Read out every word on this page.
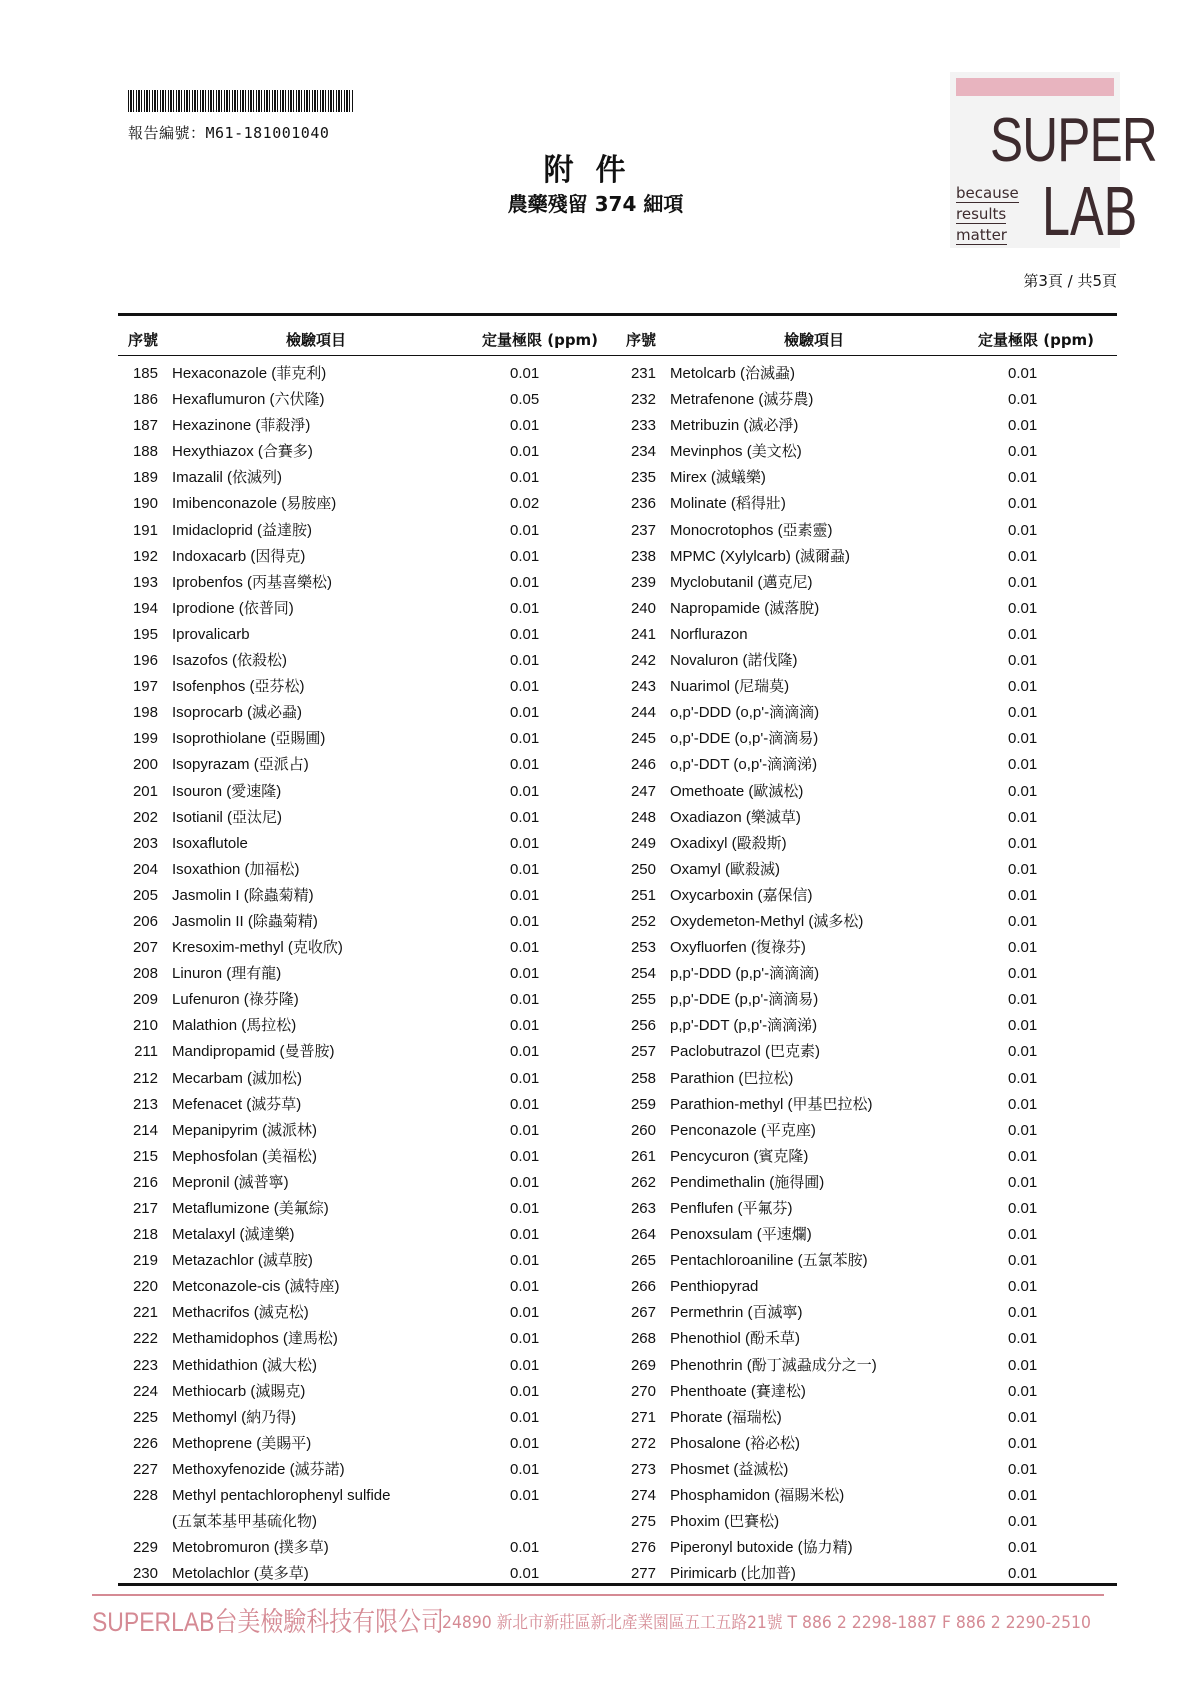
報告編號：M61-181001040
附件
農藥殘留 374 細項
SUPER
LAB
because
results
matter
第3頁 / 共5頁
序號	檢驗項目	定量極限 (ppm) 序號	檢驗項目	定量極限 (ppm)
185 Hexaconazole (菲克利)	0.01
186 Hexaflumuron (六伏隆)	0.05
187 Hexazinone (菲殺淨)	0.01
188 Hexythiazox (合賽多)	0.01
189 Imazalil (依滅列)	0.01
190 Imibenconazole (易胺座)	0.02
191 Imidacloprid (益達胺)	0.01
192 Indoxacarb (因得克)	0.01
193 Iprobenfos (丙基喜樂松)	0.01
194 Iprodione (依普同)	0.01
195 Iprovalicarb	0.01
196 Isazofos (依殺松)	0.01
197 Isofenphos (亞芬松)	0.01
198 Isoprocarb (滅必蝨)	0.01
199 Isoprothiolane (亞賜圃)	0.01
200 Isopyrazam (亞派占)	0.01
201 Isouron (愛速隆)	0.01
202 Isotianil (亞汰尼)	0.01
203 Isoxaflutole	0.01
204 Isoxathion (加福松)	0.01
205 Jasmolin I (除蟲菊精)	0.01
206 Jasmolin II (除蟲菊精)	0.01
207 Kresoxim-methyl (克收欣)	0.01
208 Linuron (理有龍)	0.01
209 Lufenuron (祿芬隆)	0.01
210 Malathion (馬拉松)	0.01
211 Mandipropamid (曼普胺)	0.01
212 Mecarbam (滅加松)	0.01
213 Mefenacet (滅芬草)	0.01
214 Mepanipyrim (滅派林)	0.01
215 Mephosfolan (美福松)	0.01
216 Mepronil (滅普寧)	0.01
217 Metaflumizone (美氟綜)	0.01
218 Metalaxyl (滅達樂)	0.01
219 Metazachlor (滅草胺)	0.01
220 Metconazole-cis (滅特座)	0.01
221 Methacrifos (滅克松)	0.01
222 Methamidophos (達馬松)	0.01
223 Methidathion (滅大松)	0.01
224 Methiocarb (滅賜克)	0.01
225 Methomyl (納乃得)	0.01
226 Methoprene (美賜平)	0.01
227 Methoxyfenozide (滅芬諾)	0.01
228 Methyl pentachlorophenyl sulfide	0.01
(五氯苯基甲基硫化物)
229 Metobromuron (撲多草)	0.01
230 Metolachlor (莫多草)	0.01
231 Metolcarb (治滅蝨)	0.01
232 Metrafenone (滅芬農)	0.01
233 Metribuzin (滅必淨)	0.01
234 Mevinphos (美文松)	0.01
235 Mirex (滅蟻樂)	0.01
236 Molinate (稻得壯)	0.01
237 Monocrotophos (亞素靈)	0.01
238 MPMC (Xylylcarb) (滅爾蝨)	0.01
239 Myclobutanil (邁克尼)	0.01
240 Napropamide (滅落脫)	0.01
241 Norflurazon	0.01
242 Novaluron (諾伐隆)	0.01
243 Nuarimol (尼瑞莫)	0.01
244 o,p'-DDD (o,p'-滴滴滴)	0.01
245 o,p'-DDE (o,p'-滴滴易)	0.01
246 o,p'-DDT (o,p'-滴滴涕)	0.01
247 Omethoate (歐滅松)	0.01
248 Oxadiazon (樂滅草)	0.01
249 Oxadixyl (毆殺斯)	0.01
250 Oxamyl (歐殺滅)	0.01
251 Oxycarboxin (嘉保信)	0.01
252 Oxydemeton-Methyl (滅多松)	0.01
253 Oxyfluorfen (復祿芬)	0.01
254 p,p'-DDD (p,p'-滴滴滴)	0.01
255 p,p'-DDE (p,p'-滴滴易)	0.01
256 p,p'-DDT (p,p'-滴滴涕)	0.01
257 Paclobutrazol (巴克素)	0.01
258 Parathion (巴拉松)	0.01
259 Parathion-methyl (甲基巴拉松)	0.01
260 Penconazole (平克座)	0.01
261 Pencycuron (賓克隆)	0.01
262 Pendimethalin (施得圃)	0.01
263 Penflufen (平氟芬)	0.01
264 Penoxsulam (平速爛)	0.01
265 Pentachloroaniline (五氯苯胺)	0.01
266 Penthiopyrad	0.01
267 Permethrin (百滅寧)	0.01
268 Phenothiol (酚禾草)	0.01
269 Phenothrin (酚丁滅蝨成分之一)	0.01
270 Phenthoate (賽達松)	0.01
271 Phorate (福瑞松)	0.01
272 Phosalone (裕必松)	0.01
273 Phosmet (益滅松)	0.01
274 Phosphamidon (福賜米松)	0.01
275 Phoxim (巴賽松)	0.01
276 Piperonyl butoxide (協力精)	0.01
277 Pirimicarb (比加普)	0.01
SUPERLAB台美檢驗科技有限公司
24890 新北市新莊區新北產業園區五工五路21號 T 886 2 2298-1887 F 886 2 2290-2510
